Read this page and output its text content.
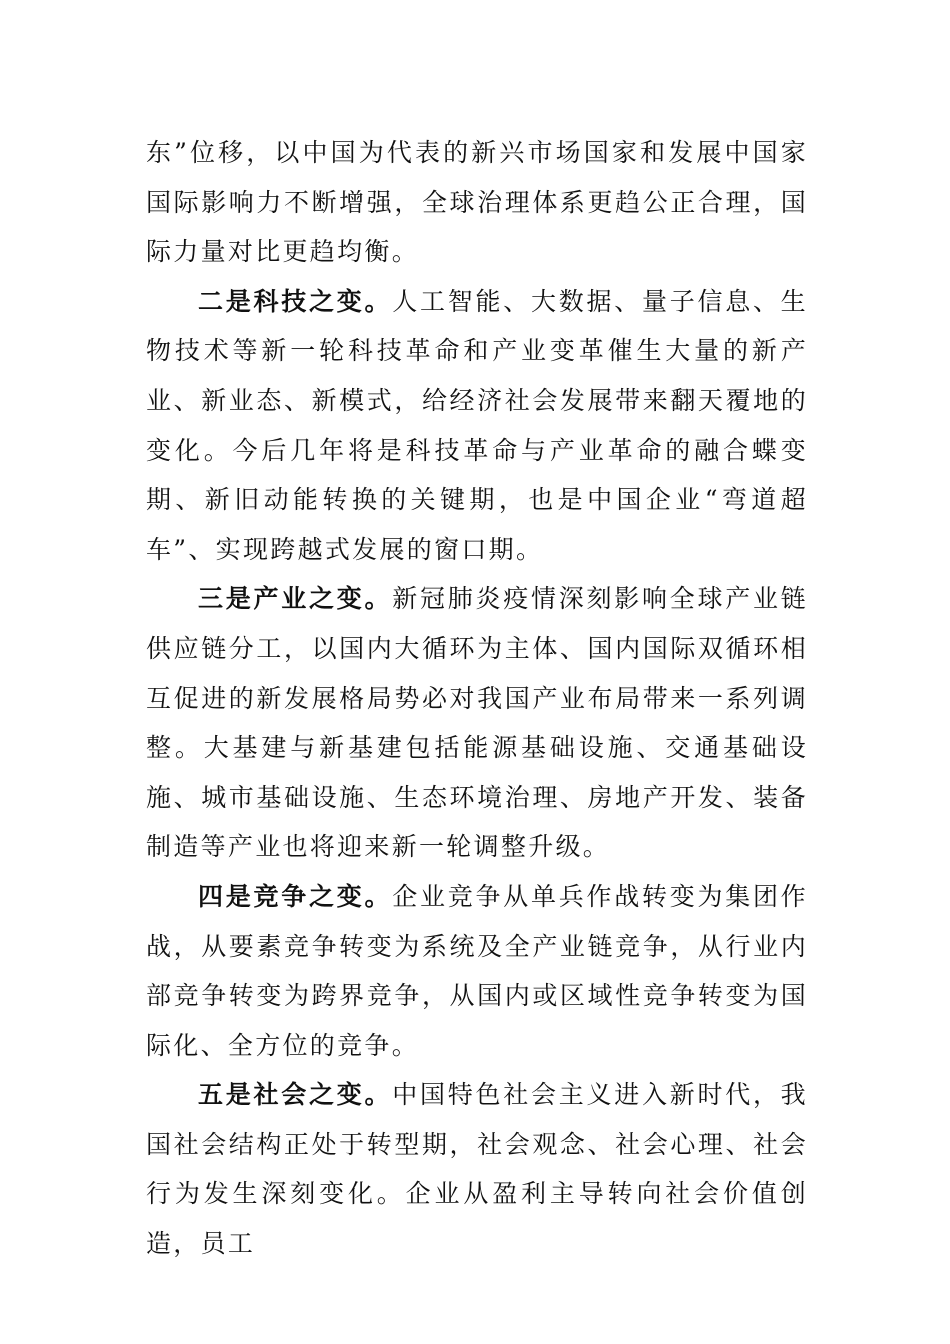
东”位移，以中国为代表的新兴市场国家和发展中国家国际影响力不断增强，全球治理体系更趋公正合理，国际力量对比更趋均衡。

二是科技之变。人工智能、大数据、量子信息、生物技术等新一轮科技革命和产业变革催生大量的新产业、新业态、新模式，给经济社会发展带来翻天覆地的变化。今后几年将是科技革命与产业革命的融合蝶变期、新旧动能转换的关键期，也是中国企业“弯道超车”、实现跨越式发展的窗口期。

三是产业之变。新冠肺炎疫情深刻影响全球产业链供应链分工，以国内大循环为主体、国内国际双循环相互促进的新发展格局势必对我国产业布局带来一系列调整。大基建与新基建包括能源基础设施、交通基础设施、城市基础设施、生态环境治理、房地产开发、装备制造等产业也将迎来新一轮调整升级。

四是竞争之变。企业竞争从单兵作战转变为集团作战，从要素竞争转变为系统及全产业链竞争，从行业内部竞争转变为跨界竞争，从国内或区域性竞争转变为国际化、全方位的竞争。

五是社会之变。中国特色社会主义进入新时代，我国社会结构正处于转型期，社会观念、社会心理、社会行为发生深刻变化。企业从盈利主导转向社会价值创造，员工
